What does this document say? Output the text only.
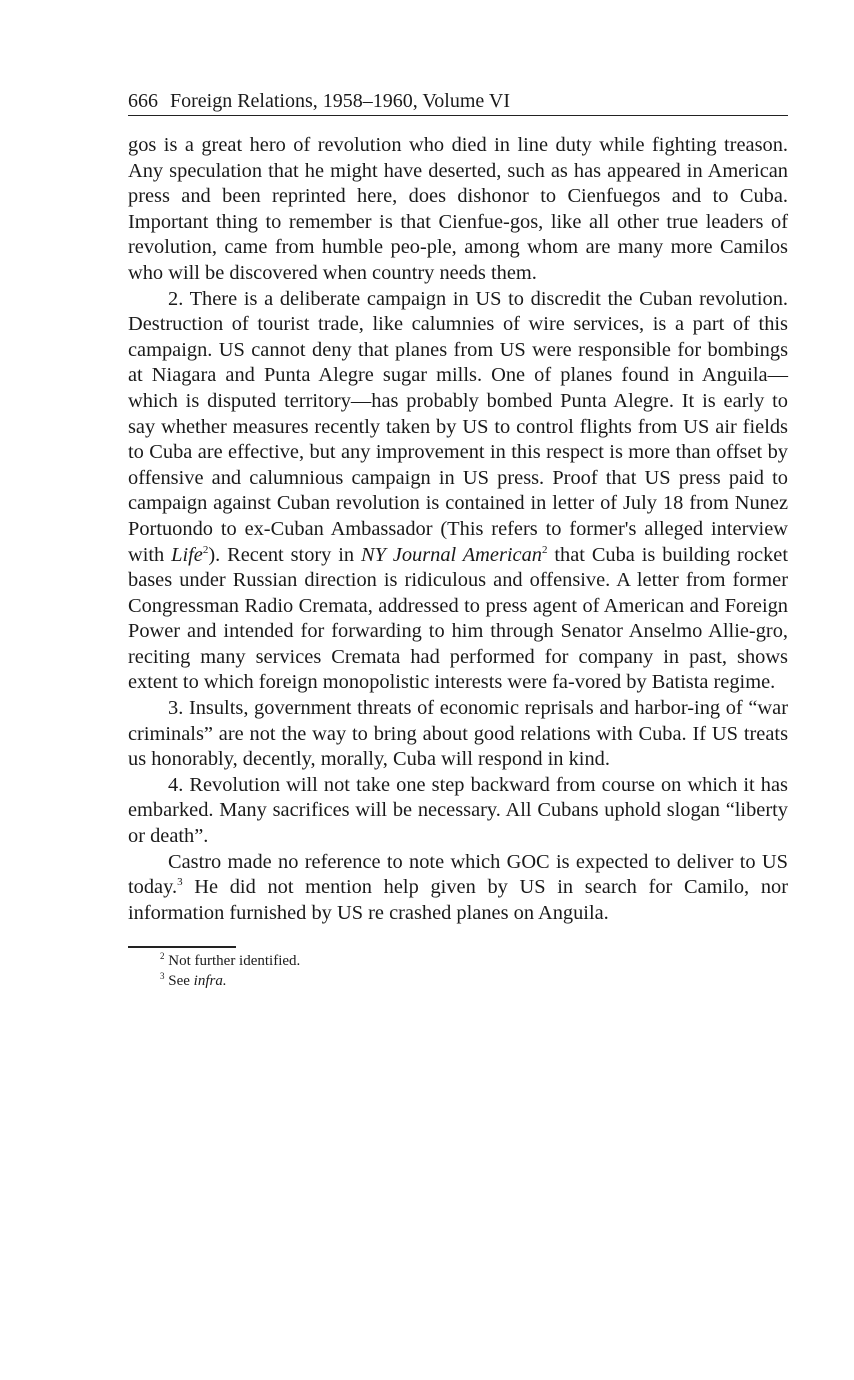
666 Foreign Relations, 1958–1960, Volume VI

gos is a great hero of revolution who died in line duty while fighting treason. Any speculation that he might have deserted, such as has appeared in American press and been reprinted here, does dishonor to Cienfuegos and to Cuba. Important thing to remember is that Cienfue-gos, like all other true leaders of revolution, came from humble peo-ple, among whom are many more Camilos who will be discovered when country needs them.

2. There is a deliberate campaign in US to discredit the Cuban revolution. Destruction of tourist trade, like calumnies of wire services, is a part of this campaign. US cannot deny that planes from US were responsible for bombings at Niagara and Punta Alegre sugar mills. One of planes found in Anguila—which is disputed territory—has probably bombed Punta Alegre. It is early to say whether measures recently taken by US to control flights from US air fields to Cuba are effective, but any improvement in this respect is more than offset by offensive and calumnious campaign in US press. Proof that US press paid to campaign against Cuban revolution is contained in letter of July 18 from Nunez Portuondo to ex-Cuban Ambassador (This refers to former's alleged interview with Life$^2$). Recent story in NY Journal American$^2$ that Cuba is building rocket bases under Russian direction is ridiculous and offensive. A letter from former Congressman Radio Cremata, addressed to press agent of American and Foreign Power and intended for forwarding to him through Senator Anselmo Allie-gro, reciting many services Cremata had performed for company in past, shows extent to which foreign monopolistic interests were fa-vored by Batista regime.

3. Insults, government threats of economic reprisals and harbor-ing of “war criminals” are not the way to bring about good relations with Cuba. If US treats us honorably, decently, morally, Cuba will respond in kind.

4. Revolution will not take one step backward from course on which it has embarked. Many sacrifices will be necessary. All Cubans uphold slogan “liberty or death”.

Castro made no reference to note which GOC is expected to deliver to US today.$^3$ He did not mention help given by US in search for Camilo, nor information furnished by US re crashed planes on Anguila.

$^2$ Not further identified.
$^3$ See infra.
